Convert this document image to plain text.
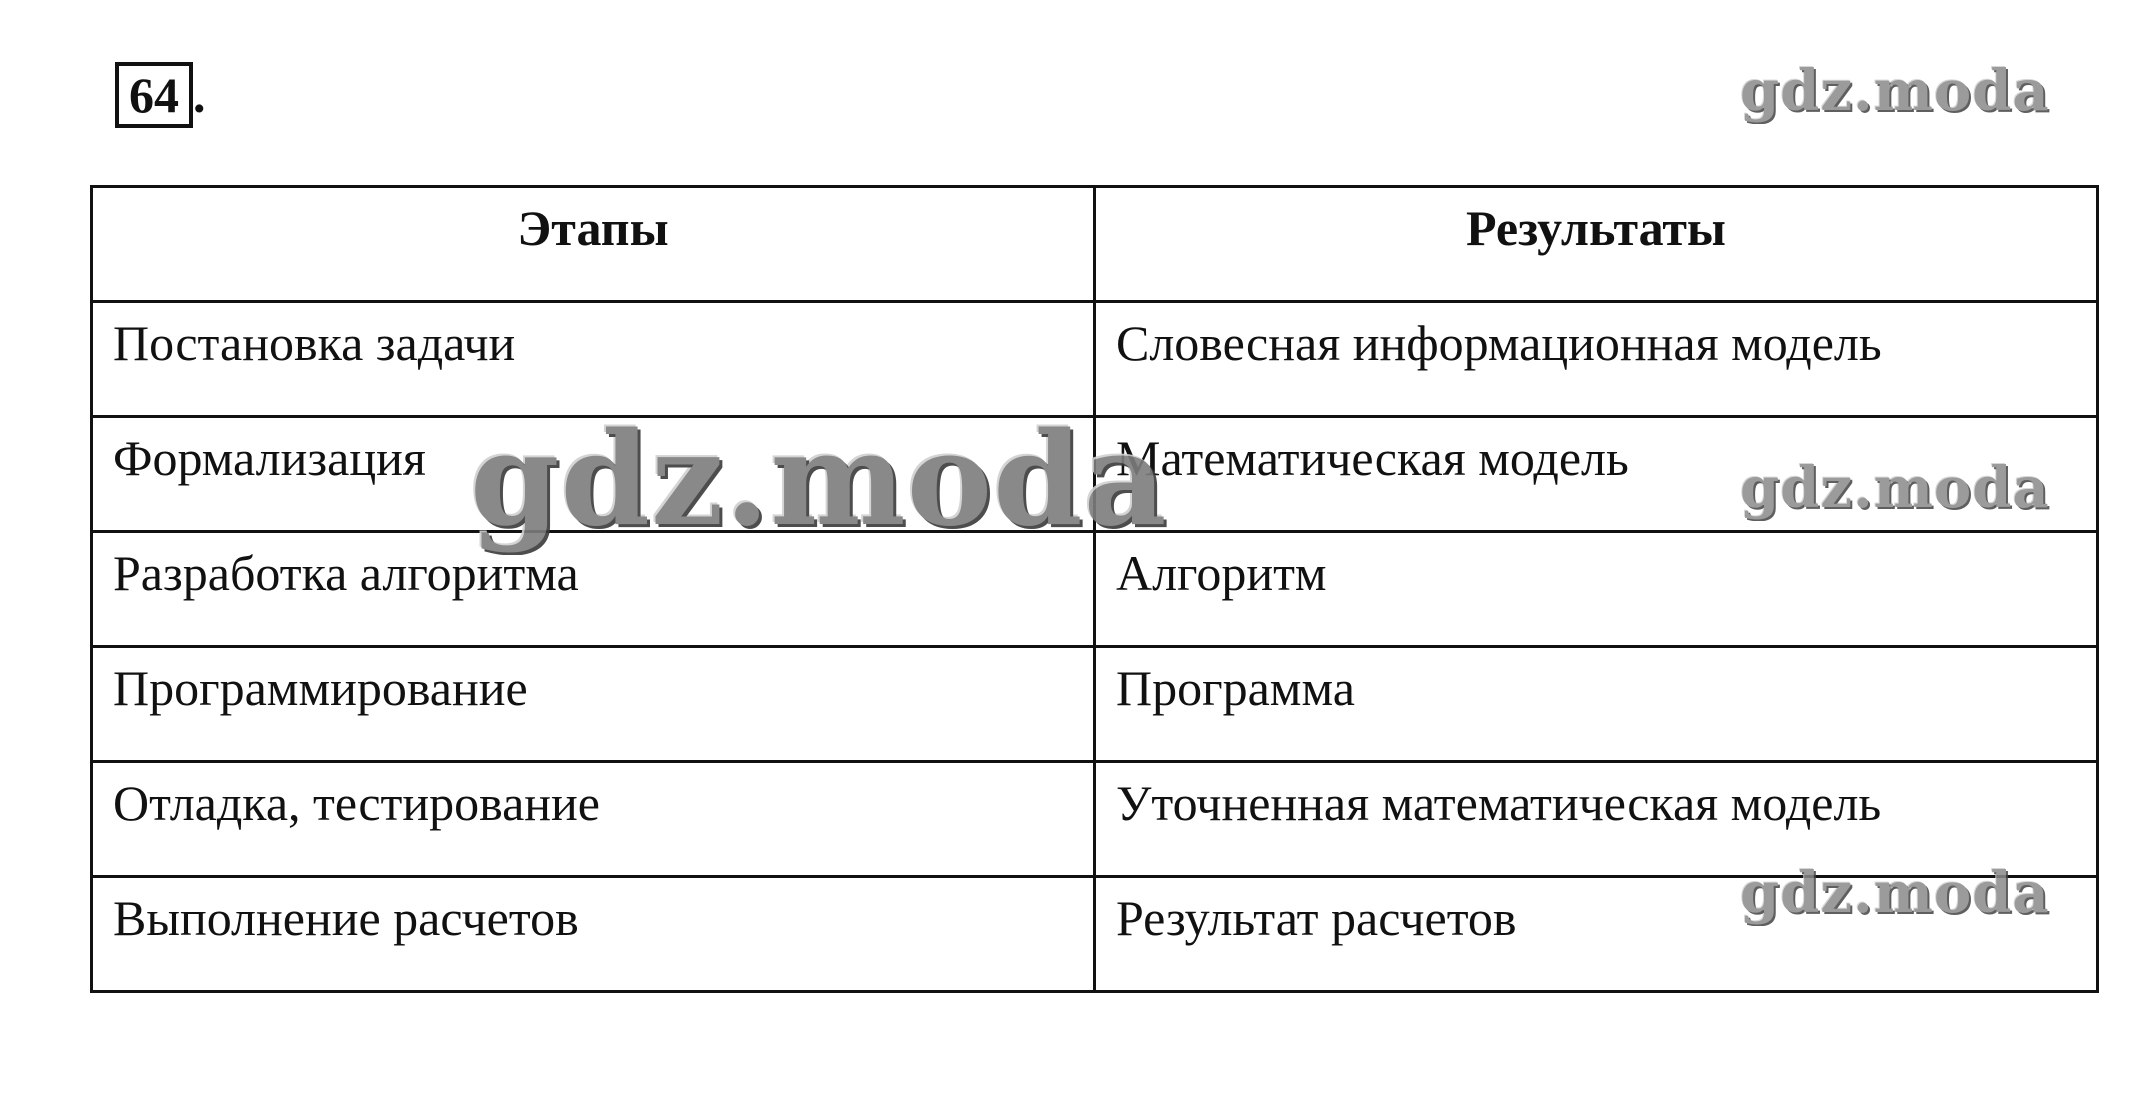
64 .
Этапы	Результаты
Постановка задачи	Словесная информационная модель
Формализация	Математическая модель
Разработка алгоритма	Алгоритм
Программирование	Программа
Отладка, тестирование	Уточненная математическая модель
Выполнение расчетов	Результат расчетов
gdz.moda
gdz.moda	gdz.moda
gdz.moda
